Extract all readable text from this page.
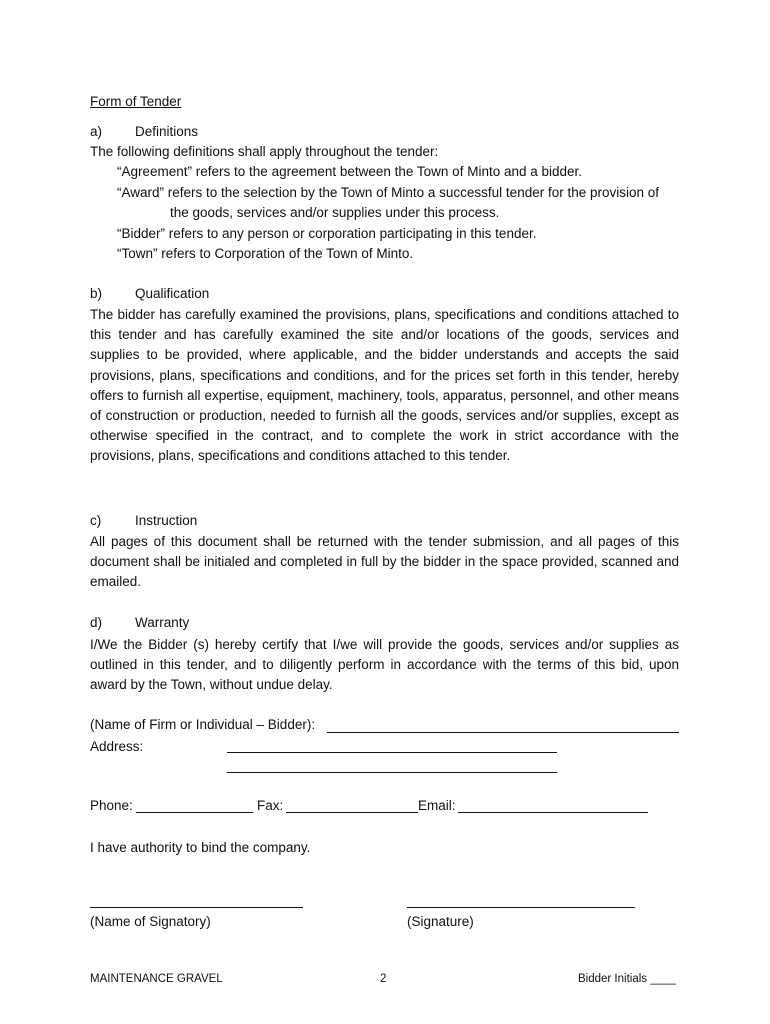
Form of Tender
a) Definitions
The following definitions shall apply throughout the tender:
“Agreement” refers to the agreement between the Town of Minto and a bidder.
“Award” refers to the selection by the Town of Minto a successful tender for the provision of
the goods, services and/or supplies under this process.
“Bidder” refers to any person or corporation participating in this tender.
“Town” refers to Corporation of the Town of Minto.
b) Qualification
The bidder has carefully examined the provisions, plans, specifications and conditions attached to this tender and has carefully examined the site and/or locations of the goods, services and supplies to be provided, where applicable, and the bidder understands and accepts the said provisions, plans, specifications and conditions, and for the prices set forth in this tender, hereby offers to furnish all expertise, equipment, machinery, tools, apparatus, personnel, and other means of construction or production, needed to furnish all the goods, services and/or supplies, except as otherwise specified in the contract, and to complete the work in strict accordance with the provisions, plans, specifications and conditions attached to this tender.
c)	Instruction
All pages of this document shall be returned with the tender submission, and all pages of this document shall be initialed and completed in full by the bidder in the space provided, scanned and emailed.
d) Warranty
I/We the Bidder (s) hereby certify that I/we will provide the goods, services and/or supplies as outlined in this tender, and to diligently perform in accordance with the terms of this bid, upon award by the Town, without undue delay.
(Name of Firm or Individual – Bidder):
Address:
Phone:	Fax:	Email:
I have authority to bind the company.
(Name of Signatory)	(Signature)
MAINTENANCE GRAVEL	2	Bidder Initials ____
